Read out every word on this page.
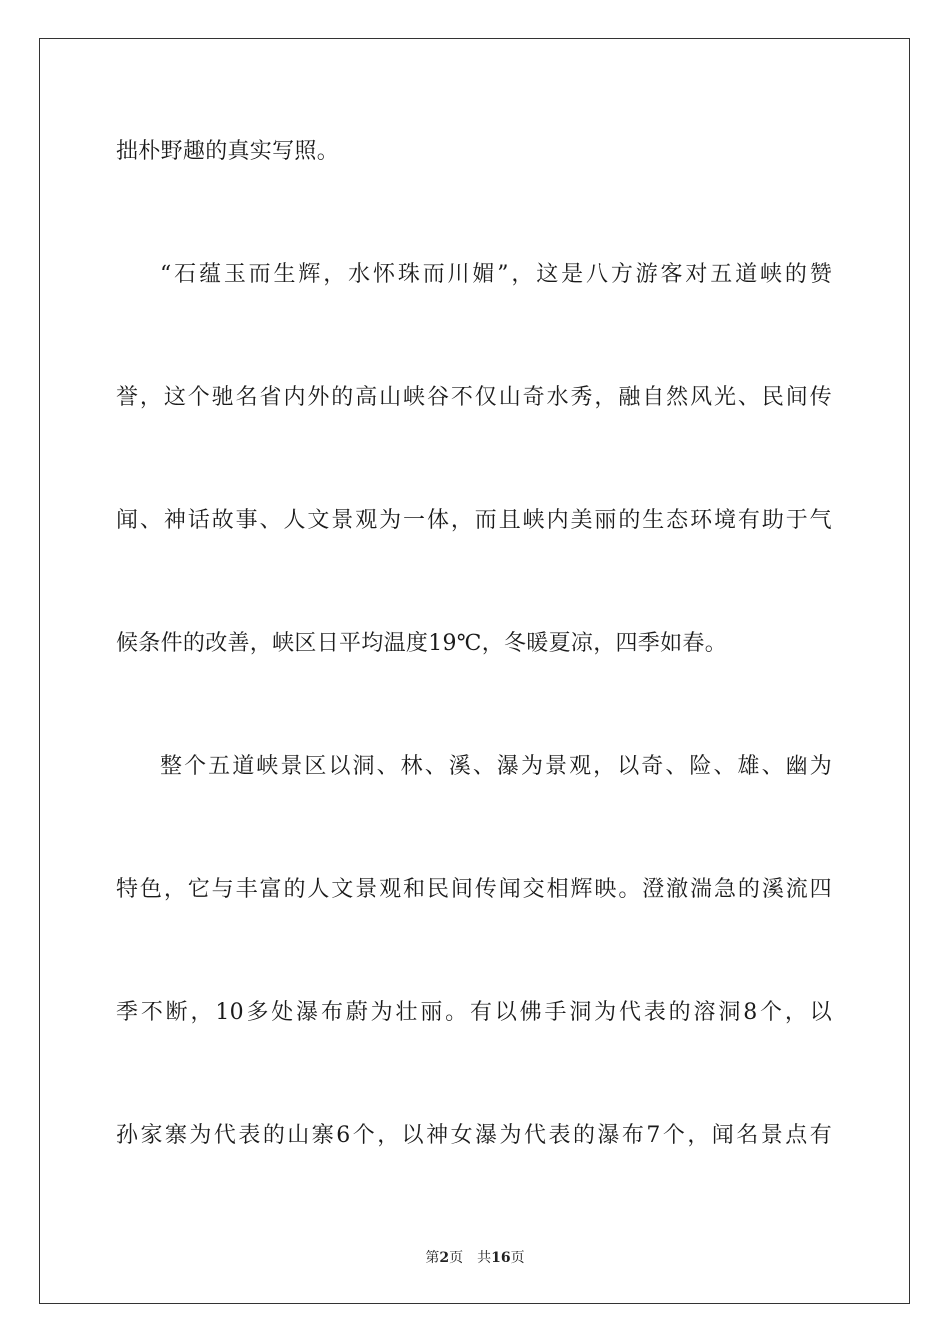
拙朴野趣的真实写照。
“石蕴玉而生辉，水怀珠而川媚”，这是八方游客对五道峡的赞
誉，这个驰名省内外的高山峡谷不仅山奇水秀，融自然风光、民间传
闻、神话故事、人文景观为一体，而且峡内美丽的生态环境有助于气
候条件的改善，峡区日平均温度19℃，冬暖夏凉，四季如春。
整个五道峡景区以洞、林、溪、瀑为景观，以奇、险、雄、幽为
特色，它与丰富的人文景观和民间传闻交相辉映。澄澈湍急的溪流四
季不断，10多处瀑布蔚为壮丽。有以佛手洞为代表的溶洞8个，以
孙家寨为代表的山寨6个，以神女瀑为代表的瀑布7个，闻名景点有
第2页 共16页
